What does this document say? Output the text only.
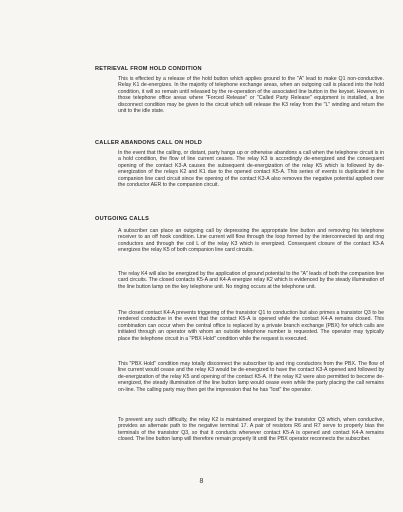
RETRIEVAL FROM HOLD CONDITION
This is effected by a release of the hold button which applies ground to the "A" lead to make Q1 non-conductive. Relay K1 de-energizes. In the majority of telephone exchange areas, when an outgoing call is placed into the hold condition, it will so remain until released by the re-operation of the associated line button in the keyset. However, in those telephone office areas where "Forced Release" or "Called Party Release" equipment is installed, a line disconnect condition may be given to the circuit which will release the K3 relay from the "L" winding and return the unit to the idle state.
CALLER ABANDONS CALL ON HOLD
In the event that the calling, or distant, party hangs up or otherwise abandons a call when the telephone circuit is in a hold condition, the flow of line current ceases. The relay K3 is accordingly de-energized and the consequent opening of the contact K3-A causes the subsequent de-energization of the relay K5 which is followed by de-energization of the relays K2 and K1 due to the opened contact K5-A. This series of events is duplicated in the companion line card circuit since the opening of the contact K3-A also removes the negative potential applied over the conductor AER to the companion circuit.
OUTGOING CALLS
A subscriber can place an outgoing call by depressing the appropriate line button and removing his telephone receiver to an off hook condition. Line current will flow through the loop formed by the interconnected tip and ring conductors and through the coil L of the relay K3 which is energized. Consequent closure of the contact K3-A energizes the relay K5 of both companion line card circuits.
The relay K4 will also be energized by the application of ground potential to the "A" leads of both the companion line card circuits. The closed contacts K5-A and K4-A energize relay K2 which is evidenced by the steady illumination of the line button lamp on the key telephone unit. No ringing occurs at the telephone unit.
The closed contact K4-A prevents triggering of the transistor Q1 to conduction but also primes a transistor Q3 to be rendered conductive in the event that the contact K5-A is opened while the contact K4-A remains closed. This combination can occur when the central office is replaced by a private branch exchange (PBX) for which calls are initiated through an operator with whom an outside telephone number is requested. The operator may typically place the telephone circuit in a "PBX Hold" condition while the request is executed.
This "PBX Hold" condition may totally disconnect the subscriber tip and ring conductors from the PBX. The flow of line current would cease and the relay K3 would be de-energized to have the contact K3-A opened and followed by de-energization of the relay K5 and opening of the contact K5-A. If the relay K2 were also permitted to become de-energized, the steady illumination of the line button lamp would cease even while the party placing the call remains on-line. The calling party may then get the impression that he has "lost" the operator.
To prevent any such difficulty, the relay K2 is maintained energized by the transistor Q3 which, when conductive, provides an alternate path to the negative terminal 17. A pair of resistors R6 and R7 serve to properly bias the terminals of the transistor Q3, so that it conducts whenever contact K5-A is opened and contact K4-A remains closed. The line button lamp will therefore remain properly lit until the PBX operator reconnects the subscriber.
8
